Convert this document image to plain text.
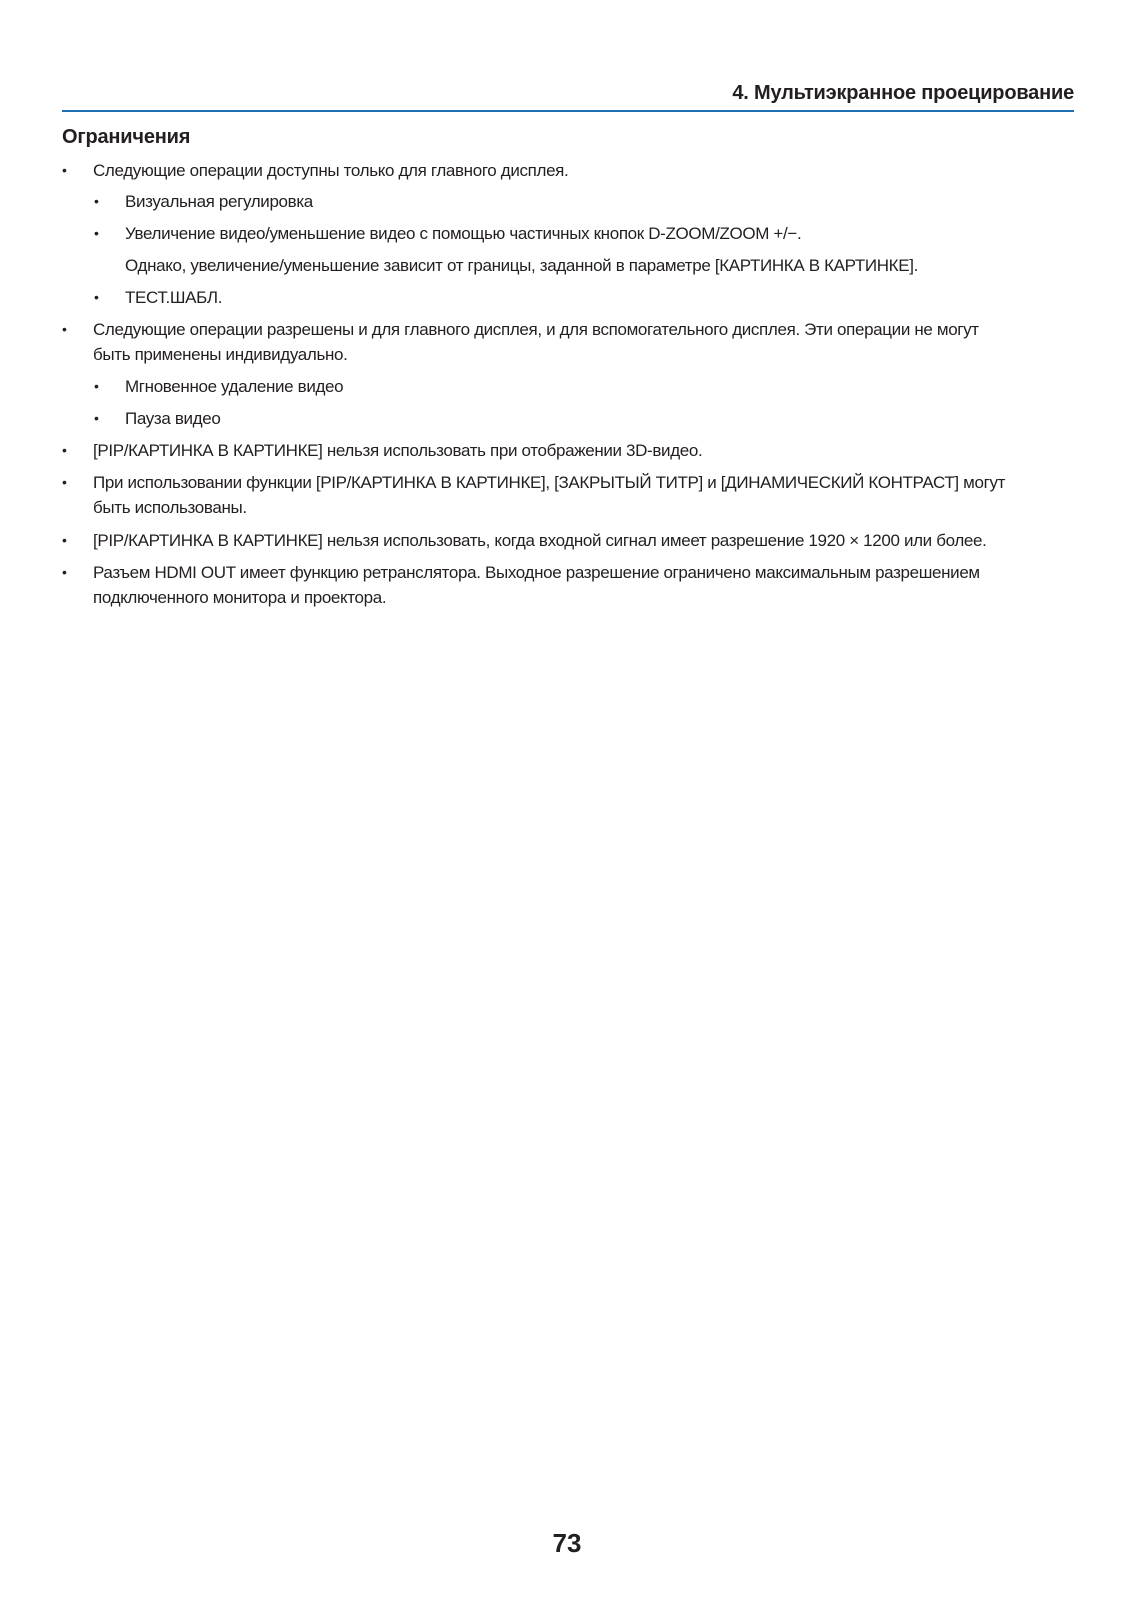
4. Мультиэкранное проецирование
Ограничения
• Следующие операции доступны только для главного дисплея.
• Визуальная регулировка
• Увеличение видео/уменьшение видео с помощью частичных кнопок D-ZOOM/ZOOM +/−.
Однако, увеличение/уменьшение зависит от границы, заданной в параметре [КАРТИНКА В КАРТИНКЕ].
• ТЕСТ.ШАБЛ.
• Следующие операции разрешены и для главного дисплея, и для вспомогательного дисплея. Эти операции не могут
быть применены индивидуально.
• Мгновенное удаление видео
• Пауза видео
• [PIP/КАРТИНКА В КАРТИНКЕ] нельзя использовать при отображении 3D-видео.
• При использовании функции [PIP/КАРТИНКА В КАРТИНКЕ], [ЗАКРЫТЫЙ ТИТР] и [ДИНАМИЧЕСКИЙ КОНТРАСТ] могут
быть использованы.
• [PIP/КАРТИНКА В КАРТИНКЕ] нельзя использовать, когда входной сигнал имеет разрешение 1920 × 1200 или более.
• Разъем HDMI OUT имеет функцию ретранслятора. Выходное разрешение ограничено максимальным разрешением
подключенного монитора и проектора.
73
